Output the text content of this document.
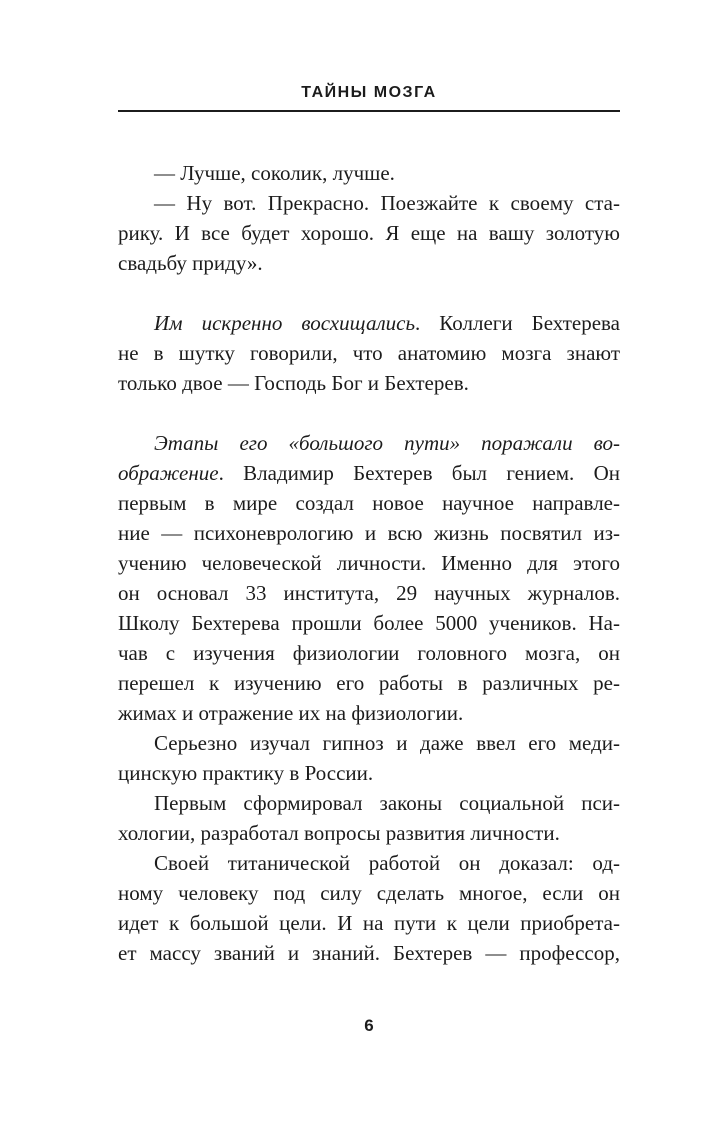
ТАЙНЫ МОЗГА
— Лучше, соколик, лучше.
— Ну вот. Прекрасно. Поезжайте к своему ста-
рику. И все будет хорошо. Я еще на вашу золотую
свадьбу приду».
Им искренно восхищались. Коллеги Бехтерева
не в шутку говорили, что анатомию мозга знают
только двое — Господь Бог и Бехтерев.
Этапы его «большого пути» поражали во-
ображение. Владимир Бехтерев был гением. Он
первым в мире создал новое научное направле-
ние — психоневрологию и всю жизнь посвятил из-
учению человеческой личности. Именно для этого
он основал 33 института, 29 научных журналов.
Школу Бехтерева прошли более 5000 учеников. На-
чав с изучения физиологии головного мозга, он
перешел к изучению его работы в различных ре-
жимах и отражение их на физиологии.
Серьезно изучал гипноз и даже ввел его меди-
цинскую практику в России.
Первым сформировал законы социальной пси-
хологии, разработал вопросы развития личности.
Своей титанической работой он доказал: од-
ному человеку под силу сделать многое, если он
идет к большой цели. И на пути к цели приобрета-
ет массу званий и знаний. Бехтерев — профессор,
6
